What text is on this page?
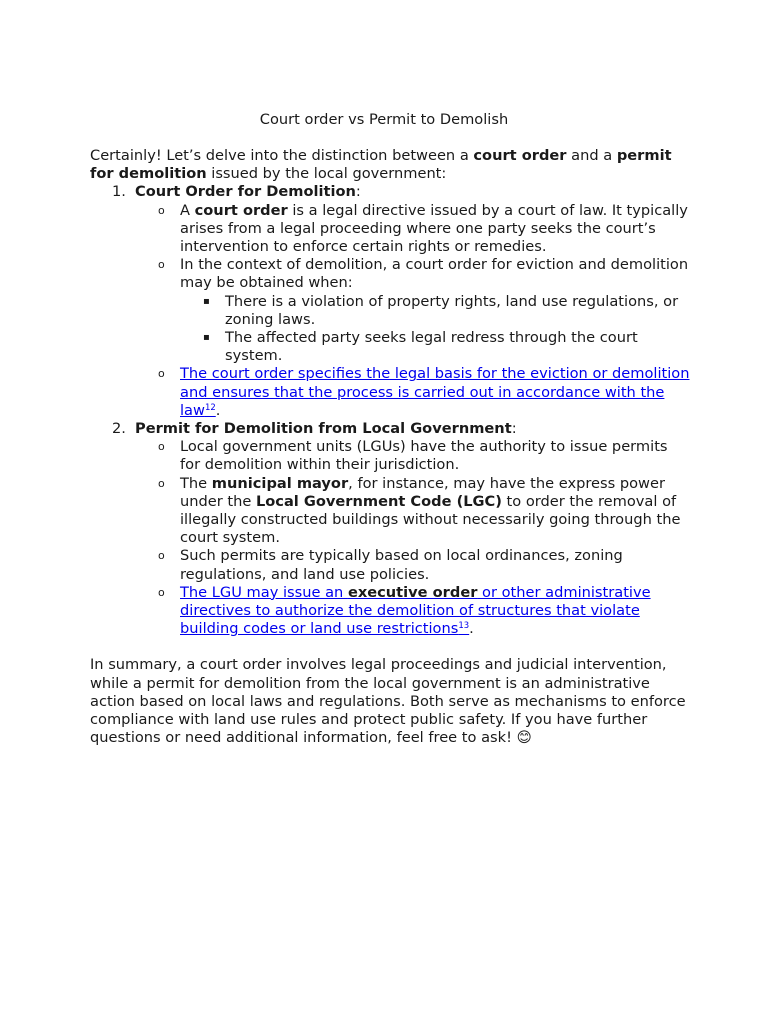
Court order vs Permit to Demolish

Certainly! Let’s delve into the distinction between a court order and a permit for demolition issued by the local government:

1. Court Order for Demolition:
o A court order is a legal directive issued by a court of law. It typically arises from a legal proceeding where one party seeks the court’s intervention to enforce certain rights or remedies.
o In the context of demolition, a court order for eviction and demolition may be obtained when:
▪ There is a violation of property rights, land use regulations, or zoning laws.
▪ The affected party seeks legal redress through the court system.
o The court order specifies the legal basis for the eviction or demolition and ensures that the process is carried out in accordance with the law$^{12}$.
2. Permit for Demolition from Local Government:
o Local government units (LGUs) have the authority to issue permits for demolition within their jurisdiction.
o The municipal mayor, for instance, may have the express power under the Local Government Code (LGC) to order the removal of illegally constructed buildings without necessarily going through the court system.
o Such permits are typically based on local ordinances, zoning regulations, and land use policies.
o The LGU may issue an executive order or other administrative directives to authorize the demolition of structures that violate building codes or land use restrictions$^{13}$.

In summary, a court order involves legal proceedings and judicial intervention, while a permit for demolition from the local government is an administrative action based on local laws and regulations. Both serve as mechanisms to enforce compliance with land use rules and protect public safety. If you have further questions or need additional information, feel free to ask! 😊
